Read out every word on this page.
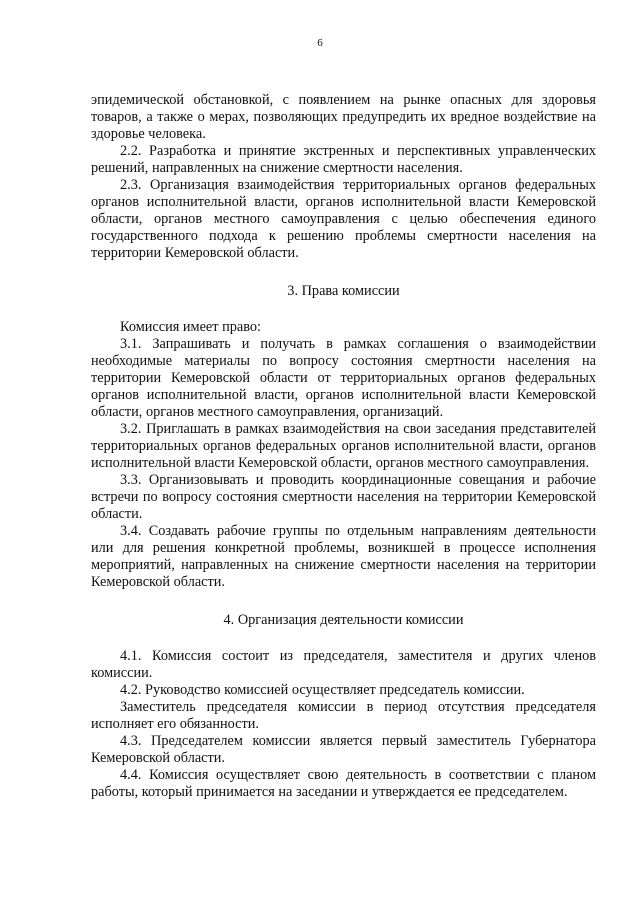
6

эпидемической обстановкой, с появлением на рынке опасных для здоровья товаров, а также о мерах, позволяющих предупредить их вредное воздействие на здоровье человека.

2.2. Разработка и принятие экстренных и перспективных управленческих решений, направленных на снижение смертности населения.

2.3. Организация взаимодействия территориальных органов федеральных органов исполнительной власти, органов исполнительной власти Кемеровской области, органов местного самоуправления с целью обеспечения единого государственного подхода к решению проблемы смертности населения на территории Кемеровской области.

3. Права комиссии

Комиссия имеет право:

3.1. Запрашивать и получать в рамках соглашения о взаимодействии необходимые материалы по вопросу состояния смертности населения на территории Кемеровской области от территориальных органов федеральных органов исполнительной власти, органов исполнительной власти Кемеровской области, органов местного самоуправления, организаций.

3.2. Приглашать в рамках взаимодействия на свои заседания представителей территориальных органов федеральных органов исполнительной власти, органов исполнительной власти Кемеровской области, органов местного самоуправления.

3.3. Организовывать и проводить координационные совещания и рабочие встречи по вопросу состояния смертности населения на территории Кемеровской области.

3.4. Создавать рабочие группы по отдельным направлениям деятельности или для решения конкретной проблемы, возникшей в процессе исполнения мероприятий, направленных на снижение смертности населения на территории Кемеровской области.

4. Организация деятельности комиссии

4.1. Комиссия состоит из председателя, заместителя и других членов комиссии.

4.2. Руководство комиссией осуществляет председатель комиссии.

Заместитель председателя комиссии в период отсутствия председателя исполняет его обязанности.

4.3. Председателем комиссии является первый заместитель Губернатора Кемеровской области.

4.4. Комиссия осуществляет свою деятельность в соответствии с планом работы, который принимается на заседании и утверждается ее председателем.
